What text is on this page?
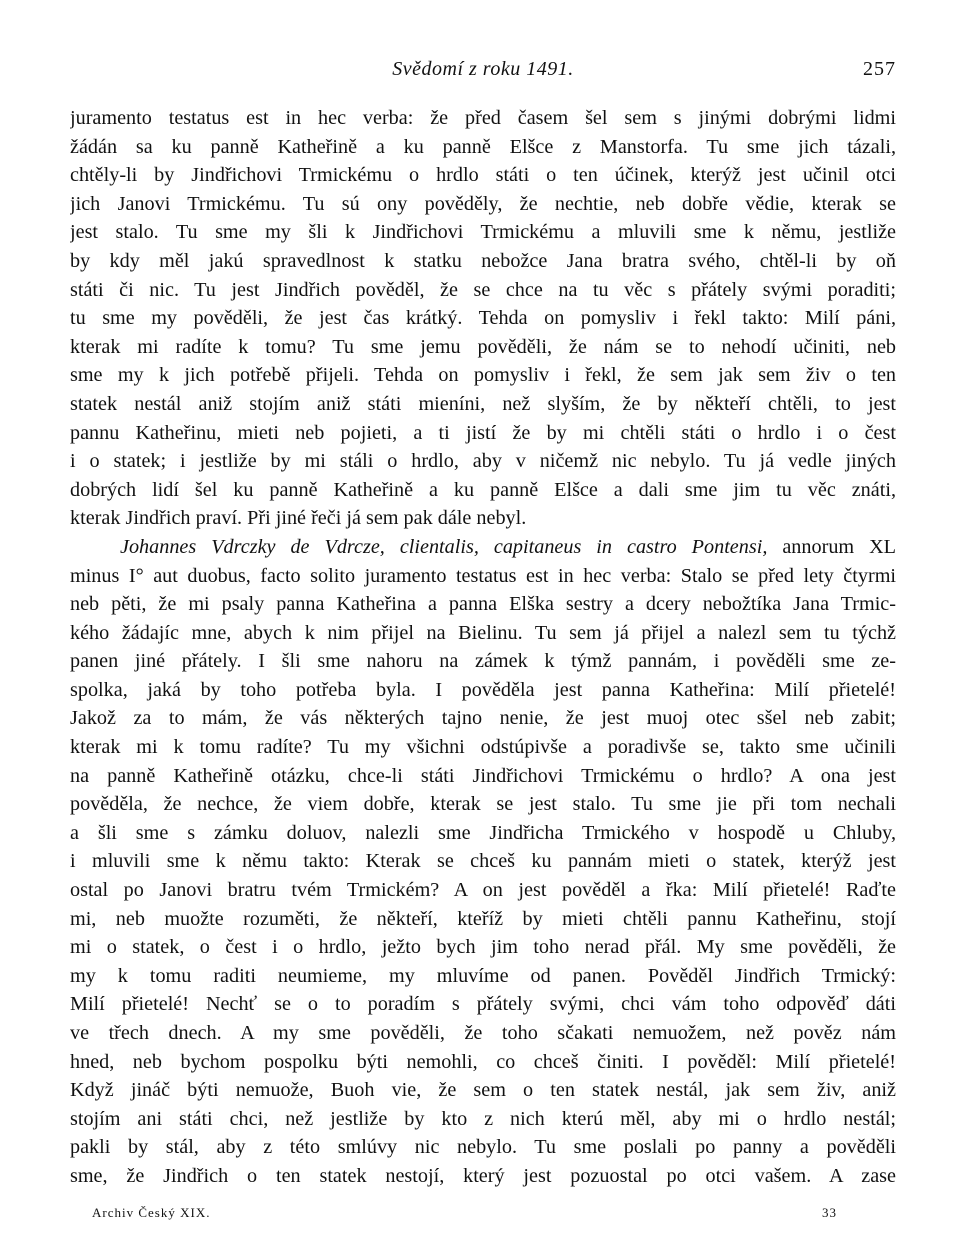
Svědomí z roku 1491.	257
juramento testatus est in hec verba: že před časem šel sem s jinými dobrými lidmi
žádán sa ku panně Katheřině a ku panně Elšce z Manstorfa. Tu sme jich tázali,
chtěly-li by Jindřichovi Trmickému o hrdlo státi o ten účinek, kterýž jest učinil otci
jich Janovi Trmickému. Tu sú ony pověděly, že nechtie, neb dobře vědie, kterak se
jest stalo. Tu sme my šli k Jindřichovi Trmickému a mluvili sme k němu, jestliže
by kdy měl jakú spravedlnost k statku nebožce Jana bratra svého, chtěl-li by oň
státi či nic. Tu jest Jindřich pověděl, že se chce na tu věc s přátely svými poraditi;
tu sme my pověděli, že jest čas krátký. Tehda on pomysliv i řekl takto: Milí páni,
kterak mi radíte k tomu? Tu sme jemu pověděli, že nám se to nehodí učiniti, neb
sme my k jich potřebě přijeli. Tehda on pomysliv i řekl, že sem jak sem živ o ten
statek nestál aniž stojím aniž státi mieníni, než slyším, že by někteří chtěli, to jest
pannu Katheřinu, mieti neb pojieti, a ti jistí že by mi chtěli státi o hrdlo i o čest
i o statek; i jestliže by mi stáli o hrdlo, aby v ničemž nic nebylo. Tu já vedle jiných
dobrých lidí šel ku panně Katheřině a ku panně Elšce a dali sme jim tu věc znáti,
kterak Jindřich praví. Při jiné řeči já sem pak dále nebyl.
Johannes Vdrczky de Vdrcze, clientalis, capitaneus in castro Pontensi, annorum XL
minus I° aut duobus, facto solito juramento testatus est in hec verba: Stalo se před lety čtyrmi
neb pěti, že mi psaly panna Katheřina a panna Elška sestry a dcery nebožtíka Jana Trmic-
kého žádajíc mne, abych k nim přijel na Bielinu. Tu sem já přijel a nalezl sem tu týchž
panen jiné přátely. I šli sme nahoru na zámek k týmž pannám, i pověděli sme ze-
spolka, jaká by toho potřeba byla. I pověděla jest panna Katheřina: Milí přietelé!
Jakož za to mám, že vás některých tajno nenie, že jest muoj otec sšel neb zabit;
kterak mi k tomu radíte? Tu my všichni odstúpivše a poradivše se, takto sme učinili
na panně Katheřině otázku, chce-li státi Jindřichovi Trmickému o hrdlo? A ona jest
pověděla, že nechce, že viem dobře, kterak se jest stalo. Tu sme jie při tom nechali
a šli sme s zámku doluov, nalezli sme Jindřicha Trmického v hospodě u Chluby,
i mluvili sme k němu takto: Kterak se chceš ku pannám mieti o statek, kterýž jest
ostal po Janovi bratru tvém Trmickém? A on jest pověděl a řka: Milí přietelé! Raďte
mi, neb muožte rozuměti, že někteří, kteříž by mieti chtěli pannu Katheřinu, stojí
mi o statek, o čest i o hrdlo, ježto bych jim toho nerad přál. My sme pověděli, že
my k tomu raditi neumieme, my mluvíme od panen. Pověděl Jindřich Trmický:
Milí přietelé! Nechť se o to poradím s přátely svými, chci vám toho odpověď dáti
ve třech dnech. A my sme pověděli, že toho sčakati nemuožem, než pověz nám
hned, neb bychom pospolku býti nemohli, co chceš činiti. I pověděl: Milí přietelé!
Když jináč býti nemuože, Buoh vie, že sem o ten statek nestál, jak sem živ, aniž
stojím ani státi chci, než jestliže by kto z nich kterú měl, aby mi o hrdlo nestál;
pakli by stál, aby z této smlúvy nic nebylo. Tu sme poslali po panny a pověděli
sme, že Jindřich o ten statek nestojí, který jest pozuostal po otci vašem. A zase
Archiv Český XIX.	33
